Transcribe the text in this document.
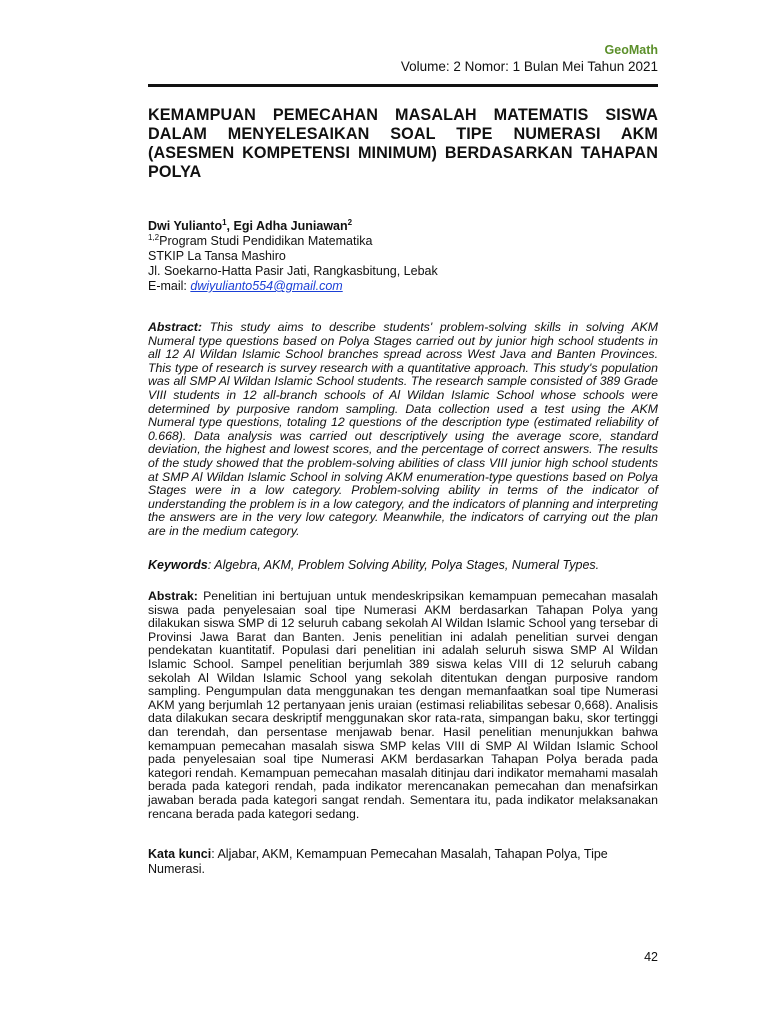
GeoMath
Volume: 2 Nomor: 1 Bulan Mei Tahun 2021
KEMAMPUAN PEMECAHAN MASALAH MATEMATIS SISWA DALAM MENYELESAIKAN SOAL TIPE NUMERASI AKM (ASESMEN KOMPETENSI MINIMUM) BERDASARKAN TAHAPAN POLYA
Dwi Yulianto$^1$, Egi Adha Juniawan$^2$
$^{1,2}$Program Studi Pendidikan Matematika
STKIP La Tansa Mashiro
Jl. Soekarno-Hatta Pasir Jati, Rangkasbitung, Lebak
E-mail: dwiyulianto554@gmail.com
Abstract: This study aims to describe students' problem-solving skills in solving AKM Numeral type questions based on Polya Stages carried out by junior high school students in all 12 Al Wildan Islamic School branches spread across West Java and Banten Provinces. This type of research is survey research with a quantitative approach. This study's population was all SMP Al Wildan Islamic School students. The research sample consisted of 389 Grade VIII students in 12 all-branch schools of Al Wildan Islamic School whose schools were determined by purposive random sampling. Data collection used a test using the AKM Numeral type questions, totaling 12 questions of the description type (estimated reliability of 0.668). Data analysis was carried out descriptively using the average score, standard deviation, the highest and lowest scores, and the percentage of correct answers. The results of the study showed that the problem-solving abilities of class VIII junior high school students at SMP Al Wildan Islamic School in solving AKM enumeration-type questions based on Polya Stages were in a low category. Problem-solving ability in terms of the indicator of understanding the problem is in a low category, and the indicators of planning and interpreting the answers are in the very low category. Meanwhile, the indicators of carrying out the plan are in the medium category.
Keywords: Algebra, AKM, Problem Solving Ability, Polya Stages, Numeral Types.
Abstrak: Penelitian ini bertujuan untuk mendeskripsikan kemampuan pemecahan masalah siswa pada penyelesaian soal tipe Numerasi AKM berdasarkan Tahapan Polya yang dilakukan siswa SMP di 12 seluruh cabang sekolah Al Wildan Islamic School yang tersebar di Provinsi Jawa Barat dan Banten. Jenis penelitian ini adalah penelitian survei dengan pendekatan kuantitatif. Populasi dari penelitian ini adalah seluruh siswa SMP Al Wildan Islamic School. Sampel penelitian berjumlah 389 siswa kelas VIII di 12 seluruh cabang sekolah Al Wildan Islamic School yang sekolah ditentukan dengan purposive random sampling. Pengumpulan data menggunakan tes dengan memanfaatkan soal tipe Numerasi AKM yang berjumlah 12 pertanyaan jenis uraian (estimasi reliabilitas sebesar 0,668). Analisis data dilakukan secara deskriptif menggunakan skor rata-rata, simpangan baku, skor tertinggi dan terendah, dan persentase menjawab benar. Hasil penelitian menunjukkan bahwa kemampuan pemecahan masalah siswa SMP kelas VIII di SMP Al Wildan Islamic School pada penyelesaian soal tipe Numerasi AKM berdasarkan Tahapan Polya berada pada kategori rendah. Kemampuan pemecahan masalah ditinjau dari indikator memahami masalah berada pada kategori rendah, pada indikator merencanakan pemecahan dan menafsirkan jawaban berada pada kategori sangat rendah. Sementara itu, pada indikator melaksanakan rencana berada pada kategori sedang.
Kata kunci: Aljabar, AKM, Kemampuan Pemecahan Masalah, Tahapan Polya, Tipe Numerasi.
42
